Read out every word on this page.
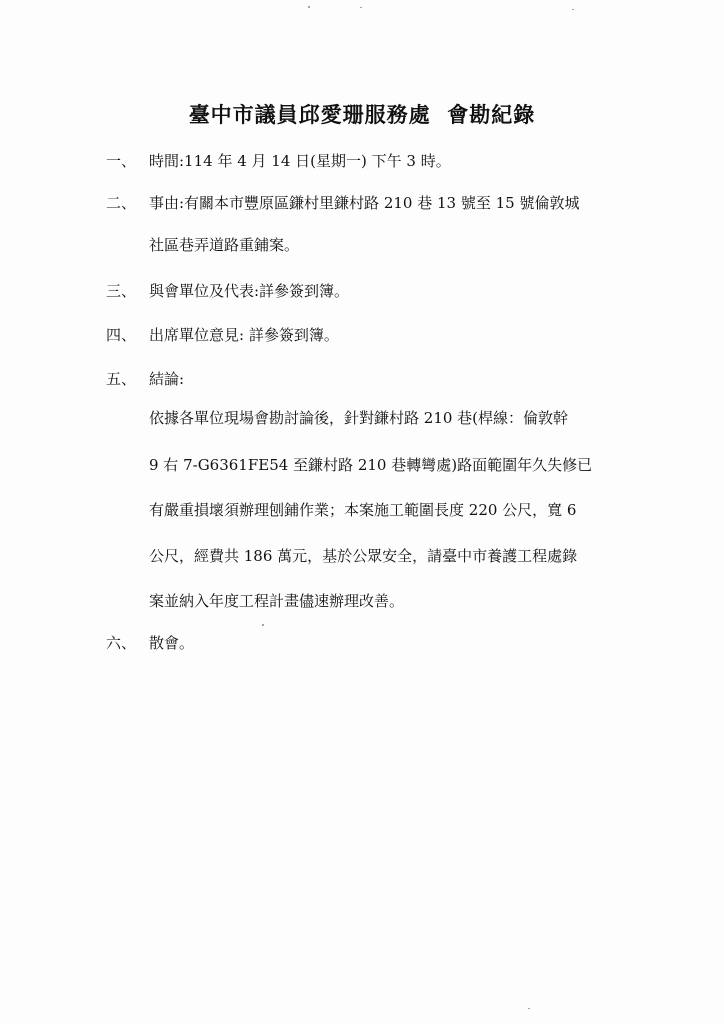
臺中市議員邱愛珊服務處  會勘紀錄
一、 時間:114 年 4 月 14 日(星期一) 下午 3 時。
二、 事由:有關本市豐原區鎌村里鎌村路 210 巷 13 號至 15 號倫敦城
社區巷弄道路重鋪案。
三、 與會單位及代表:詳參簽到簿。
四、 出席單位意見: 詳參簽到簿。
五、 結論:
依據各單位現場會勘討論後，針對鎌村路 210 巷(桿線：倫敦幹
9 右 7-G6361FE54 至鎌村路 210 巷轉彎處)路面範圍年久失修已
有嚴重損壞須辦理刨鋪作業；本案施工範圍長度 220 公尺，寬 6
公尺，經費共 186 萬元，基於公眾安全，請臺中市養護工程處錄
案並納入年度工程計畫儘速辦理改善。
六、 散會。
